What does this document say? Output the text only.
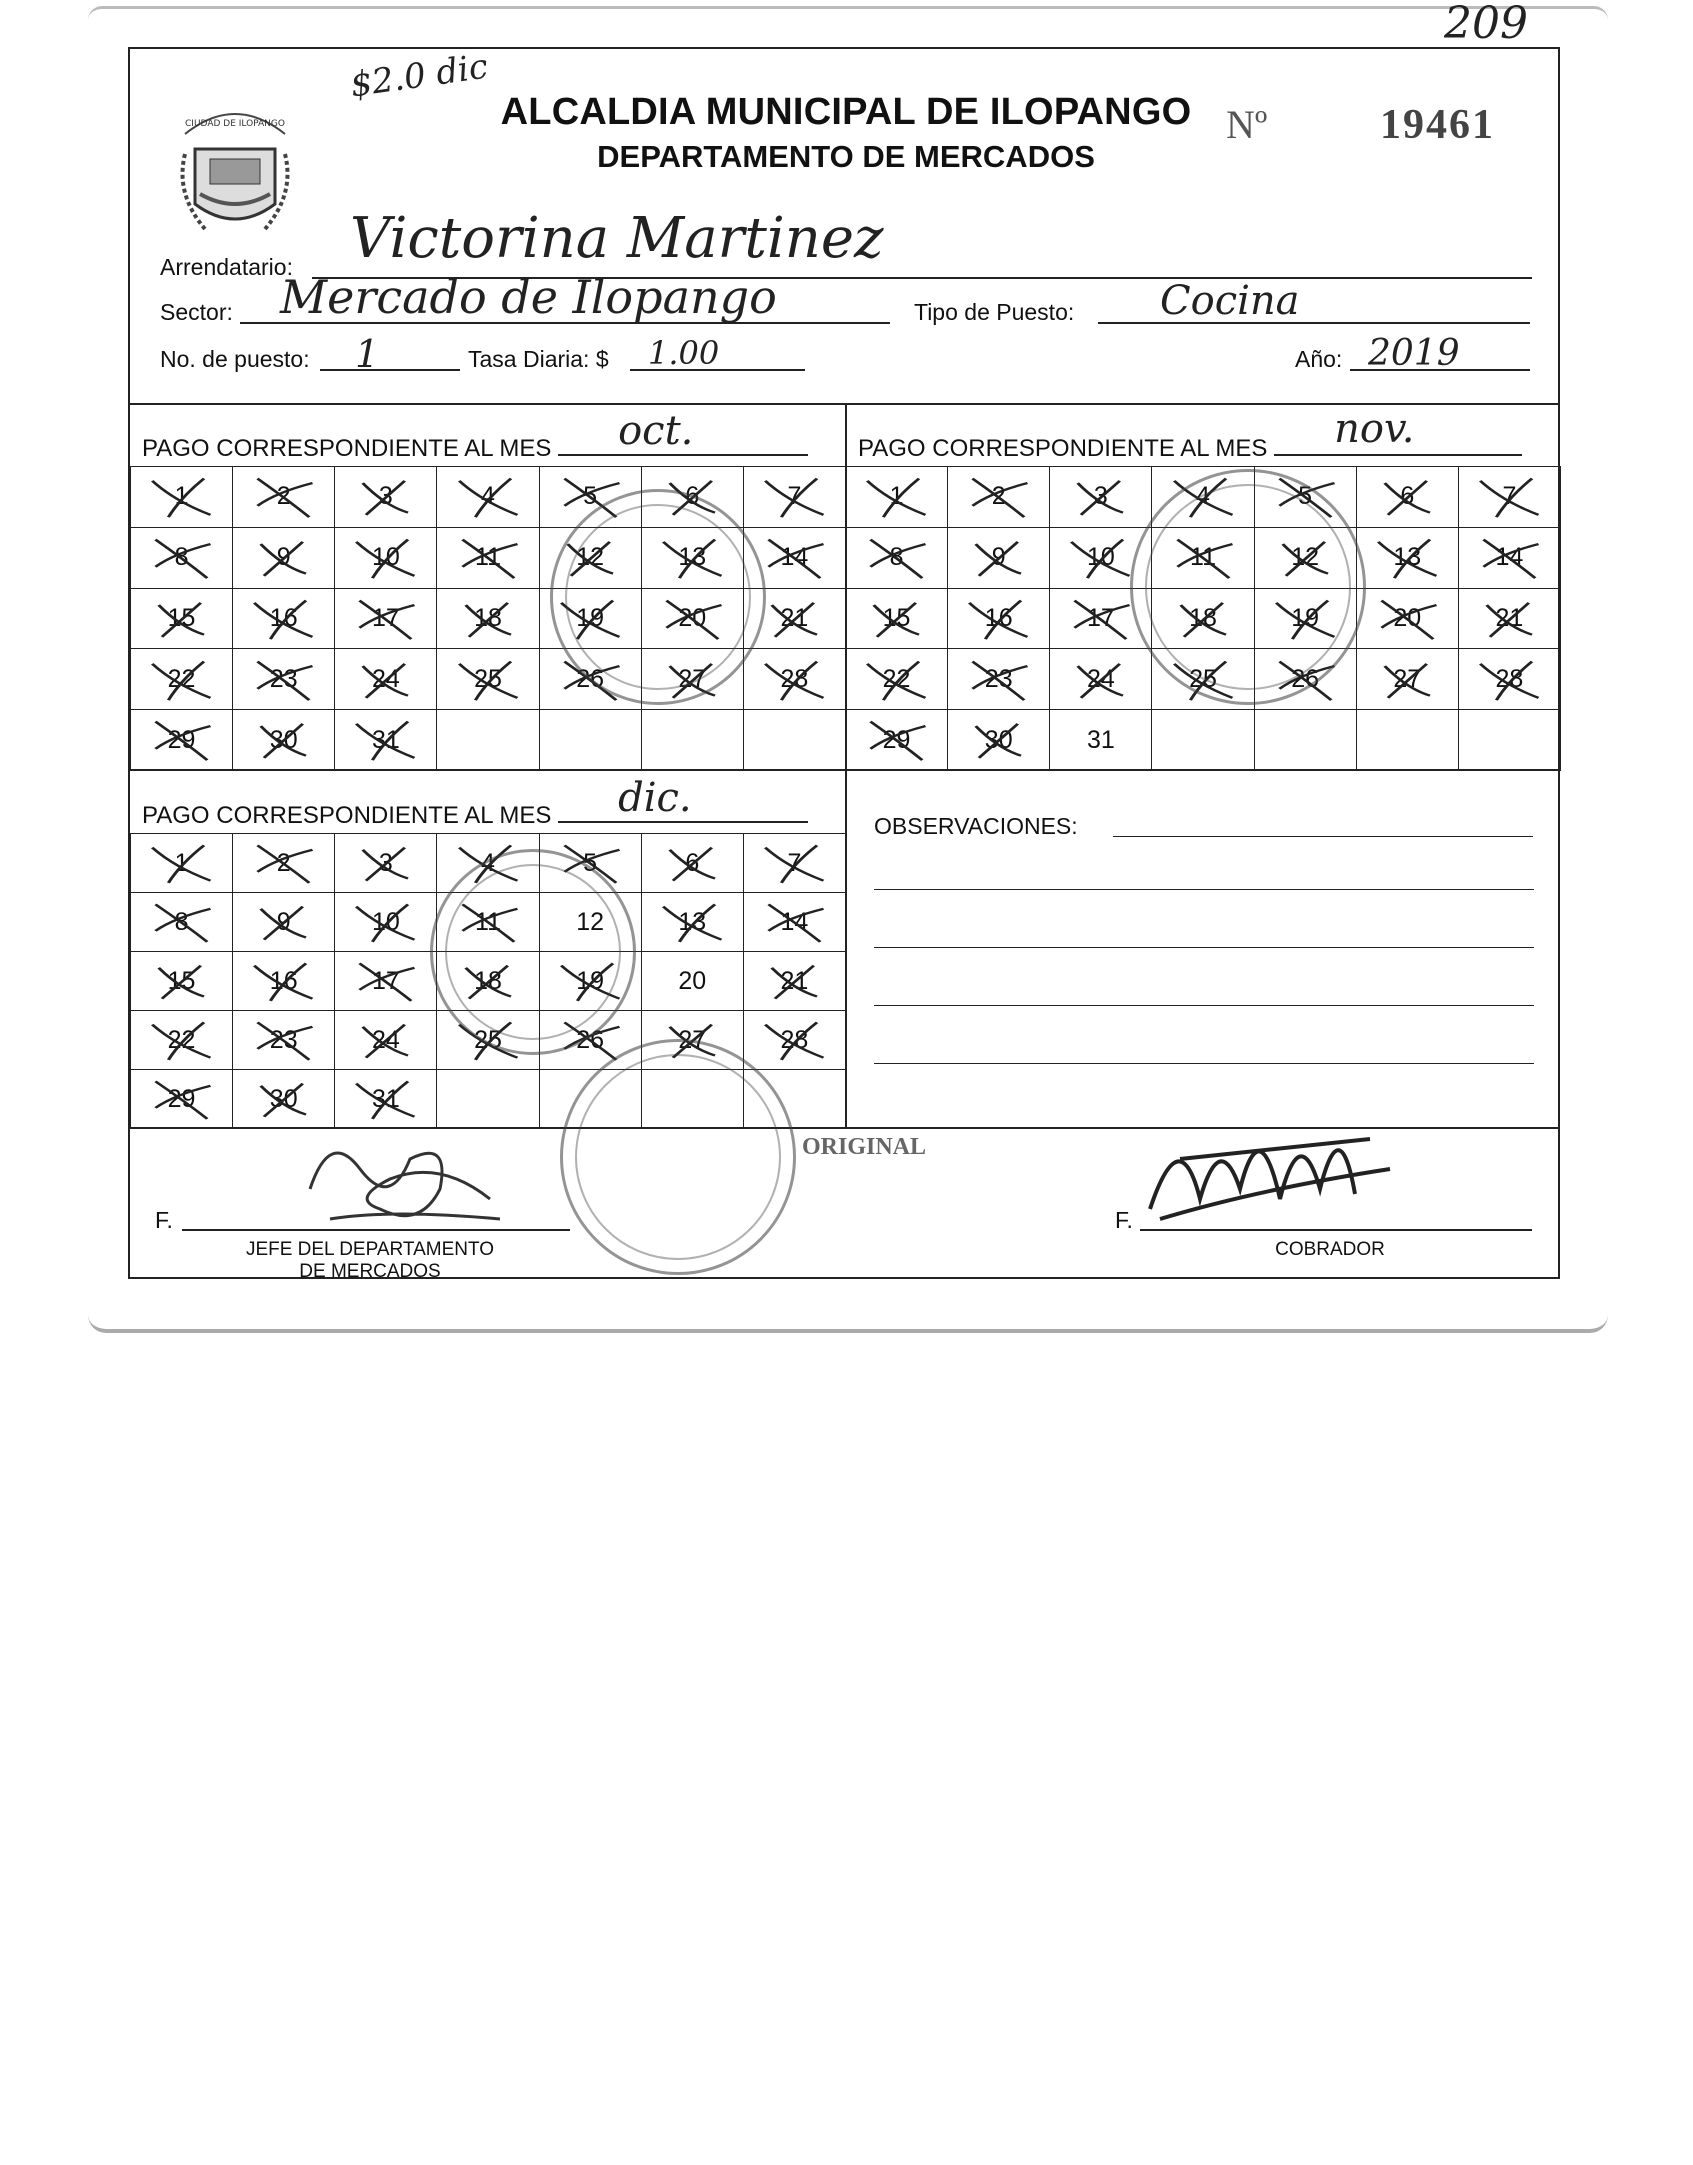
209
CIUDAD DE ILOPANGO
$2.0 dic
ALCALDIA MUNICIPAL DE ILOPANGO
DEPARTAMENTO DE MERCADOS
Nº	19461
Arrendatario: Victorina Martinez
Sector: Mercado de Ilopango	Tipo de Puesto: Cocina
No. de puesto: 1	Tasa Diaria: $ 1.00	Año: 2019
PAGO CORRESPONDIENTE AL MES oct.
1	2	3	4	5	6	7
8	9	10	11	12	13	14
15	16	17	18	19	20	21
22	23	24	25	26	27	28
29	30	31
PAGO CORRESPONDIENTE AL MES nov.
1	2	3	4	5	6	7
8	9	10	11	12	13	14
15	16	17	18	19	20	21
22	23	24	25	26	27	28
29	30	31
PAGO CORRESPONDIENTE AL MES dic.
1	2	3	4	5	6	7
8	9	10	11	12	13	14
15	16	17	18	19	20	21
22	23	24	25	26	27	28
29	30	31
OBSERVACIONES:
ORIGINAL
F.
JEFE DEL DEPARTAMENTO
DE MERCADOS
F.
COBRADOR
